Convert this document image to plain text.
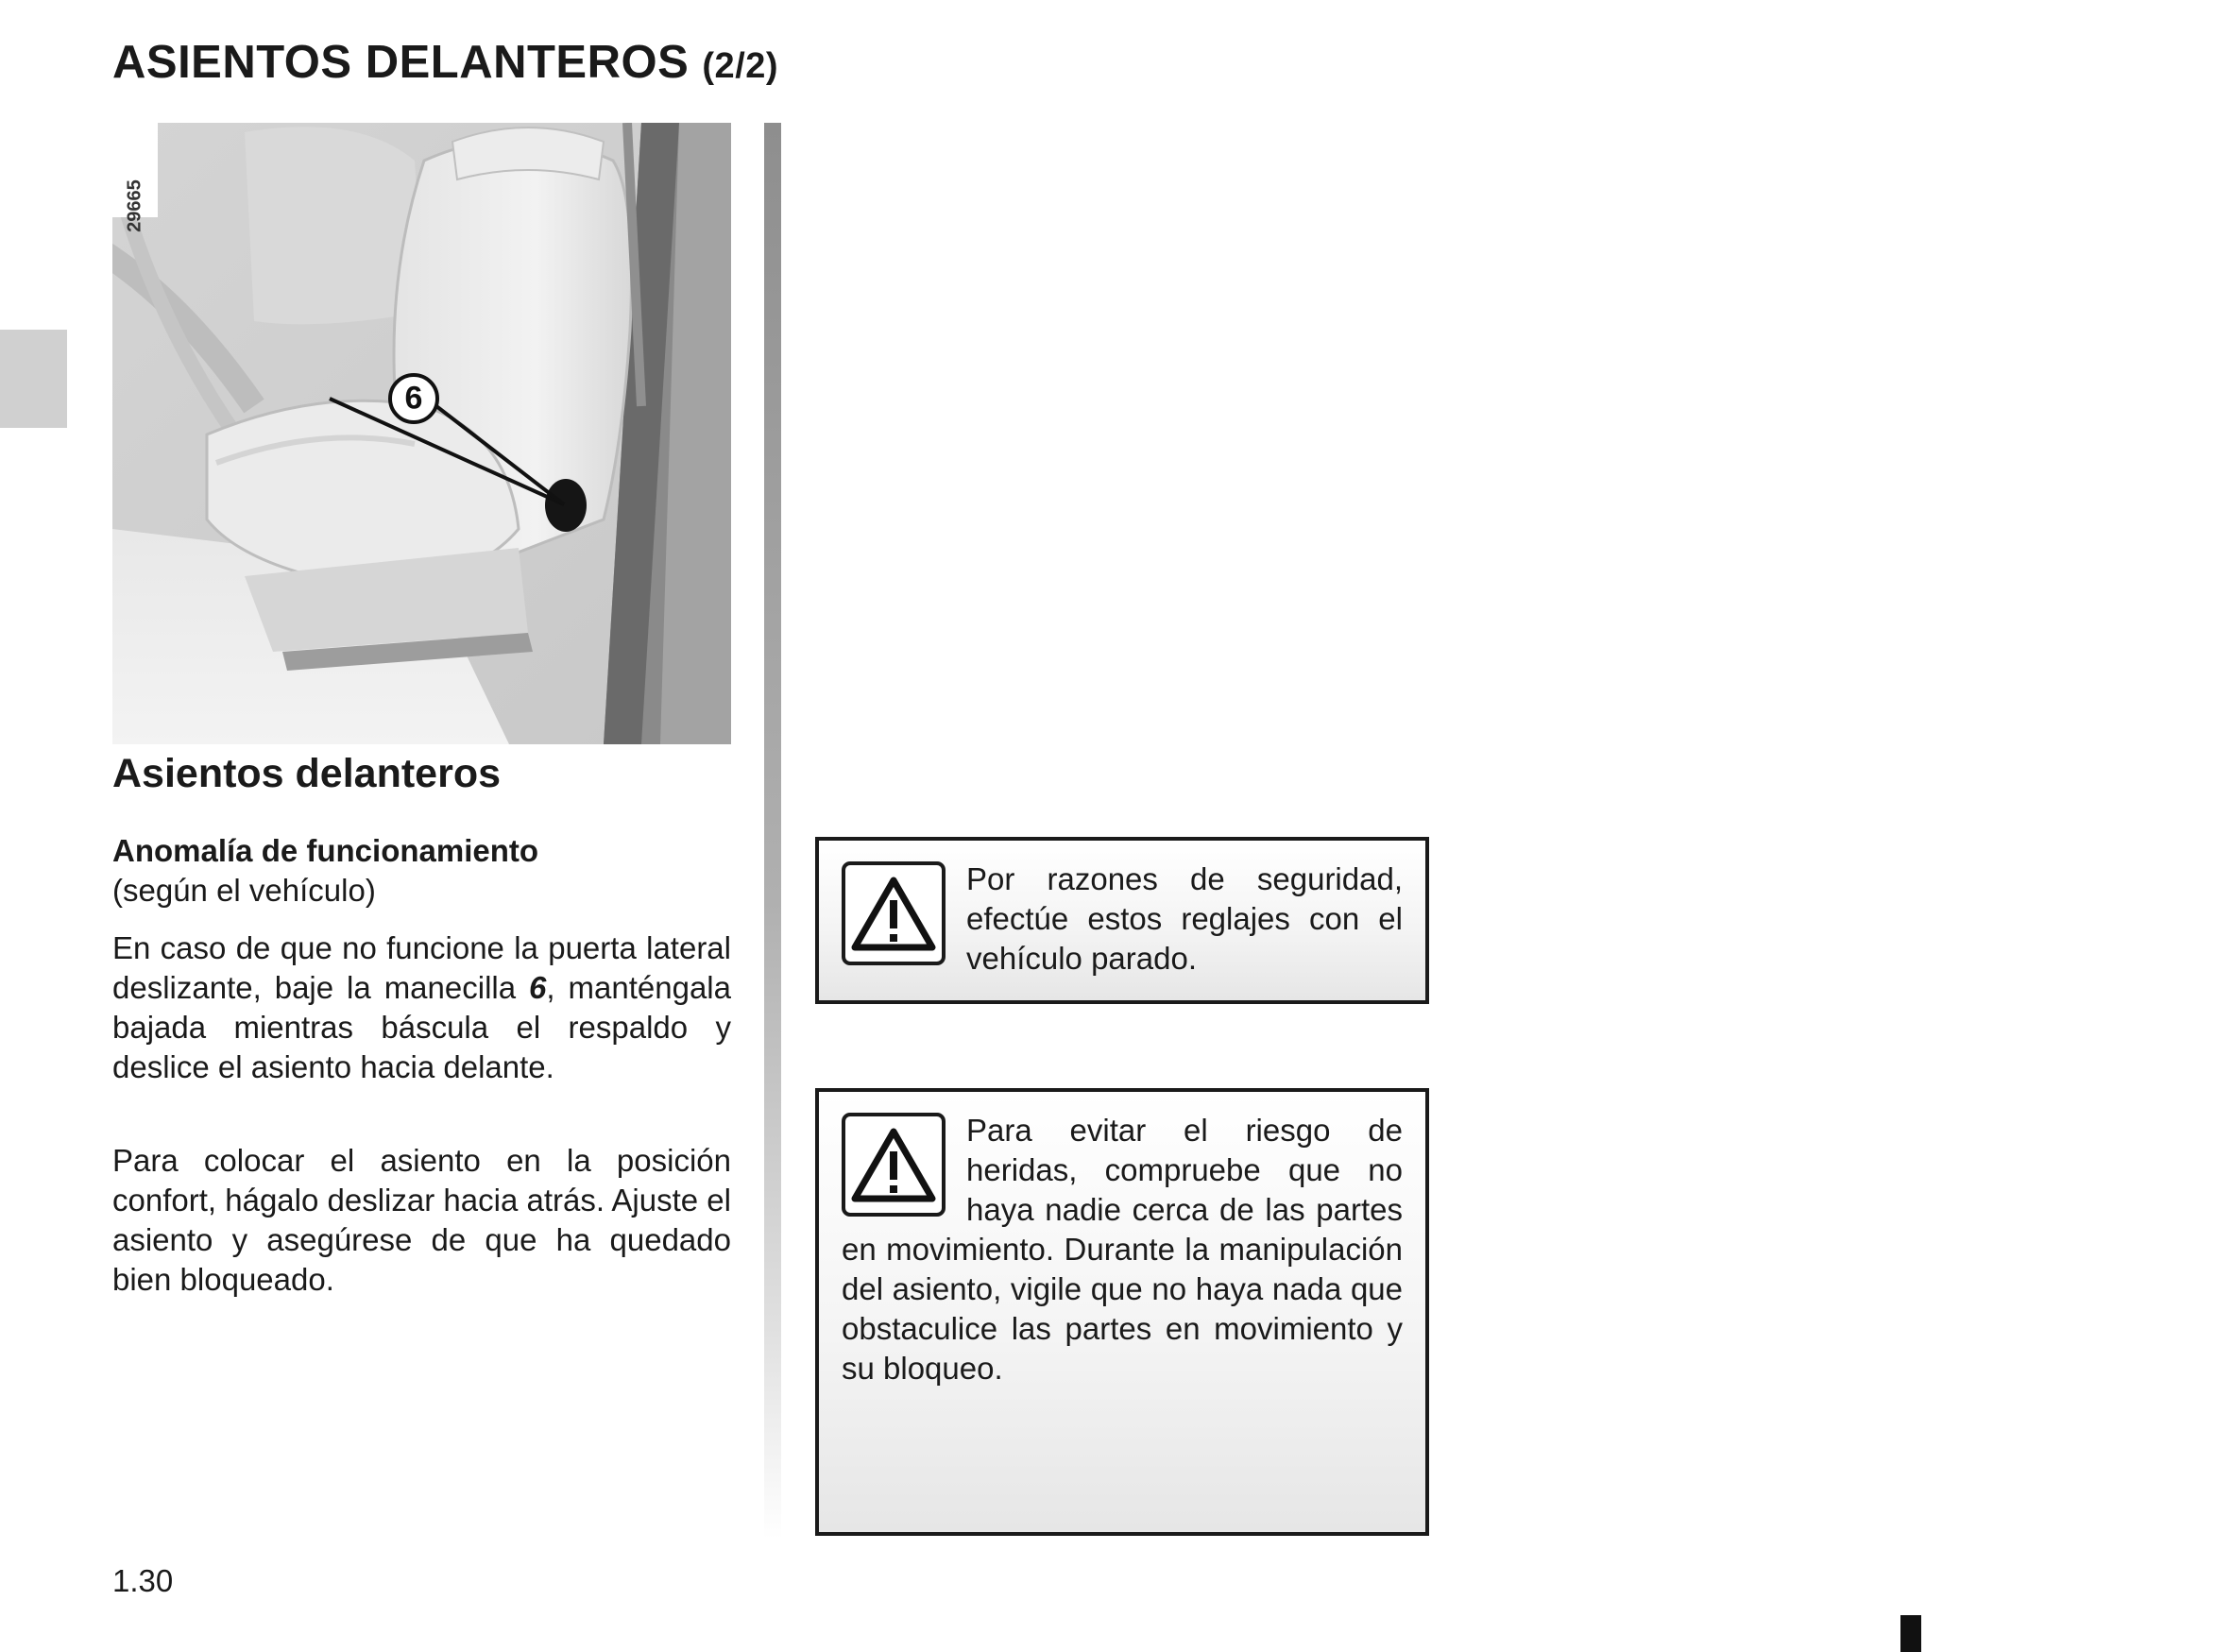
ASIENTOS DELANTEROS (2/2)
29665
6
Asientos delanteros
Anomalía de funcionamiento
(según el vehículo)
En caso de que no funcione la puerta lateral deslizante, baje la manecilla 6, manténgala bajada mientras báscula el respaldo y deslice el asiento hacia delante.
Para colocar el asiento en la posición confort, hágalo deslizar hacia atrás. Ajuste el asiento y asegúrese de que ha quedado bien bloqueado.
Por razones de seguridad, efectúe estos reglajes con el vehículo parado.
Para evitar el riesgo de heridas, compruebe que no haya nadie cerca de las partes en movimiento. Durante la manipulación del asiento, vigile que no haya nada que obstaculice las partes en movimiento y su bloqueo.
1.30
